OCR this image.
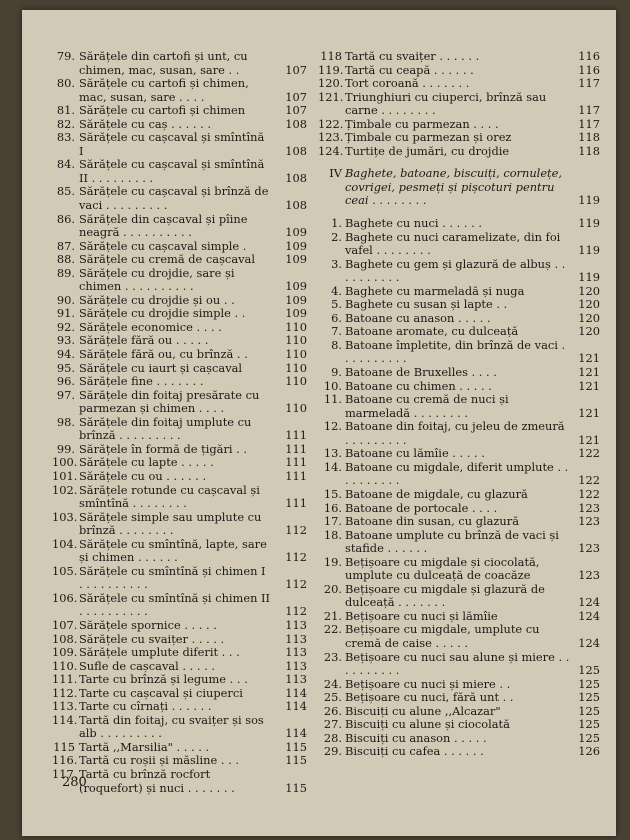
79. Sărățele din cartofi și unt, cu chimen, mac, susan, sare . .	107
80. Sărățele cu cartofi și chimen, mac, susan, sare . . . .	107
81. Sărățele cu cartofi și chimen	107
82. Sărățele cu caș . . . . . .	108
83. Sărățele cu cașcaval și smîntînă I	108
84. Sărățele cu cașcaval și smîntînă II . . . . . . . . .	108
85. Sărățele cu cașcaval și brînză de vaci . . . . . . . . .	108
86. Sărățele din cașcaval și pîine neagră . . . . . . . . . .	109
87. Sărățele cu cașcaval simple .	109
88. Sărățele cu cremă de cașcaval	109
89. Sărățele cu drojdie, sare și chimen . . . . . . . . . .	109
90. Sărățele cu drojdie și ou . .	109
91. Sărățele cu drojdie simple . .	109
92. Sărățele economice . . . .	110
93. Sărățele fără ou . . . . .	110
94. Sărățele fără ou, cu brînză . .	110
95. Sărățele cu iaurt și cașcaval	110
96. Sărățele fine . . . . . . .	110
97. Sărățele din foitaj presărate cu parmezan și chimen . . . .	110
98. Sărățele din foitaj umplute cu brînză . . . . . . . . .	111
99. Sărățele în formă de țigări . .	111
100. Sărățele cu lapte . . . . .	111
101. Sărățele cu ou . . . . . .	111
102. Sărățele rotunde cu cașcaval și smîntînă . . . . . . . .	111
103. Sărățele simple sau umplute cu brînză . . . . . . . .	112
104. Sărățele cu smîntînă, lapte, sare și chimen . . . . . .	112
105. Sărățele cu smîntînă și chimen I . . . . . . . . . .	112
106. Sărățele cu smîntînă și chimen II . . . . . . . . . .	112
107. Sărățele spornice . . . . .	113
108. Sărățele cu svaițer . . . . .	113
109. Sărățele umplute diferit . . .	113
110. Sufle de cașcaval . . . . .	113
111. Tarte cu brînză și legume . . .	113
112. Tarte cu cașcaval și ciuperci	114
113. Tarte cu cîrnați . . . . . .	114
114. Tartă din foitaj, cu svaițer și sos alb . . . . . . . . .	114
115 Tartă ,,Marsilia" . . . . .	115
116. Tartă cu roșii și măsline . . .	115
117. Tartă cu brînză rocfort (roquefort) și nuci . . . . . . .	115
118 Tartă cu svaițer . . . . . .	116
119. Tartă cu ceapă . . . . . .	116
120. Tort coroană . . . . . . .	117
121. Triunghiuri cu ciuperci, brînză sau carne . . . . . . . .	117
122. Țimbale cu parmezan . . . .	117
123. Țimbale cu parmezan și orez	118
124. Turtițe de jumări, cu drojdie	118
IV Baghete, batoane, biscuiți, cornulețe, covrigei, pesmeți și pișcoturi pentru ceai . . . . . . . .	119
1. Baghete cu nuci . . . . . .	119
2. Baghete cu nuci caramelizate, din foi vafel . . . . . . . .	119
3. Baghete cu gem și glazură de albuș . . . . . . . . . .	119
4. Baghete cu marmeladă și nuga	120
5. Baghete cu susan și lapte . .	120
6. Batoane cu anason . . . . .	120
7. Batoane aromate, cu dulceață	120
8. Batoane împletite, din brînză de vaci . . . . . . . . . .	121
9. Batoane de Bruxelles . . . .	121
10. Batoane cu chimen . . . . .	121
11. Batoane cu cremă de nuci și marmeladă . . . . . . . .	121
12. Batoane din foitaj, cu jeleu de zmeură . . . . . . . . .	121
13. Batoane cu lămîie . . . . .	122
14. Batoane cu migdale, diferit umplute . . . . . . . . . .	122
15. Batoane de migdale, cu glazură	122
16. Batoane de portocale . . . .	123
17. Batoane din susan, cu glazură	123
18. Batoane umplute cu brînză de vaci și stafide . . . . . .	123
19. Bețișoare cu migdale și ciocolată, umplute cu dulceață de coacăze	123
20. Bețișoare cu migdale și glazură de dulceață . . . . . . .	124
21. Bețișoare cu nuci și lămîie	124
22. Bețișoare cu migdale, umplute cu cremă de caise . . . . .	124
23. Bețișoare cu nuci sau alune și miere . . . . . . . . . .	125
24. Bețișoare cu nuci și miere . .	125
25. Bețișoare cu nuci, fără unt . .	125
26. Biscuiți cu alune ,,Alcazar"	125
27. Biscuiți cu alune și ciocolată	125
28. Biscuiți cu anason . . . . .	125
29. Biscuiți cu cafea . . . . . .	126
280
